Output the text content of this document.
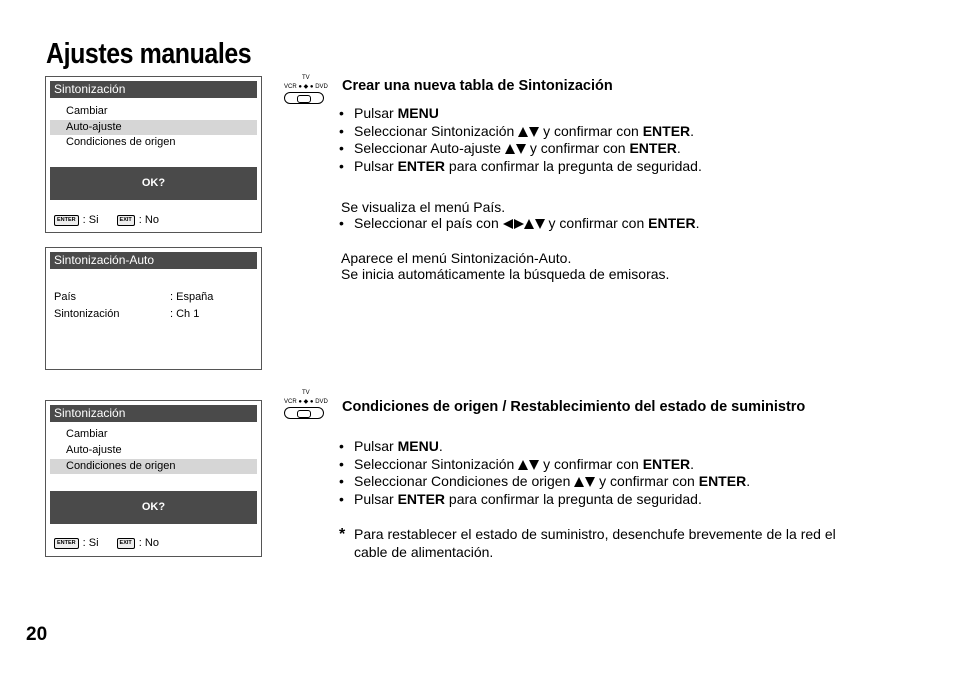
Ajustes manuales
Sintonización
Cambiar
Auto-ajuste
Condiciones de origen
OK?
ENTER : Si	EXIT : No
Sintonización-Auto
País	: España
Sintonización	: Ch 1
Sintonización
Cambiar
Auto-ajuste
Condiciones de origen
OK?
ENTER : Si	EXIT : No
TV
VCR ● ◆ ● DVD
TV
VCR ● ◆ ● DVD
Crear una nueva tabla de Sintonización
• Pulsar MENU
• Seleccionar Sintonización  y confirmar con ENTER.
• Seleccionar Auto-ajuste  y confirmar con ENTER.
• Pulsar ENTER para confirmar la pregunta de seguridad.
Se visualiza el menú País.
• Seleccionar el país con	y confirmar con ENTER.
Aparece el menú Sintonización-Auto.
Se inicia automáticamente la búsqueda de emisoras.
Condiciones de origen / Restablecimiento del estado de suministro
• Pulsar MENU.
• Seleccionar Sintonización  y confirmar con ENTER.
• Seleccionar Condiciones de origen  y confirmar con ENTER.
• Pulsar ENTER para confirmar la pregunta de seguridad.
* Para restablecer el estado de suministro, desenchufe brevemente de la red el
cable de alimentación.
20
